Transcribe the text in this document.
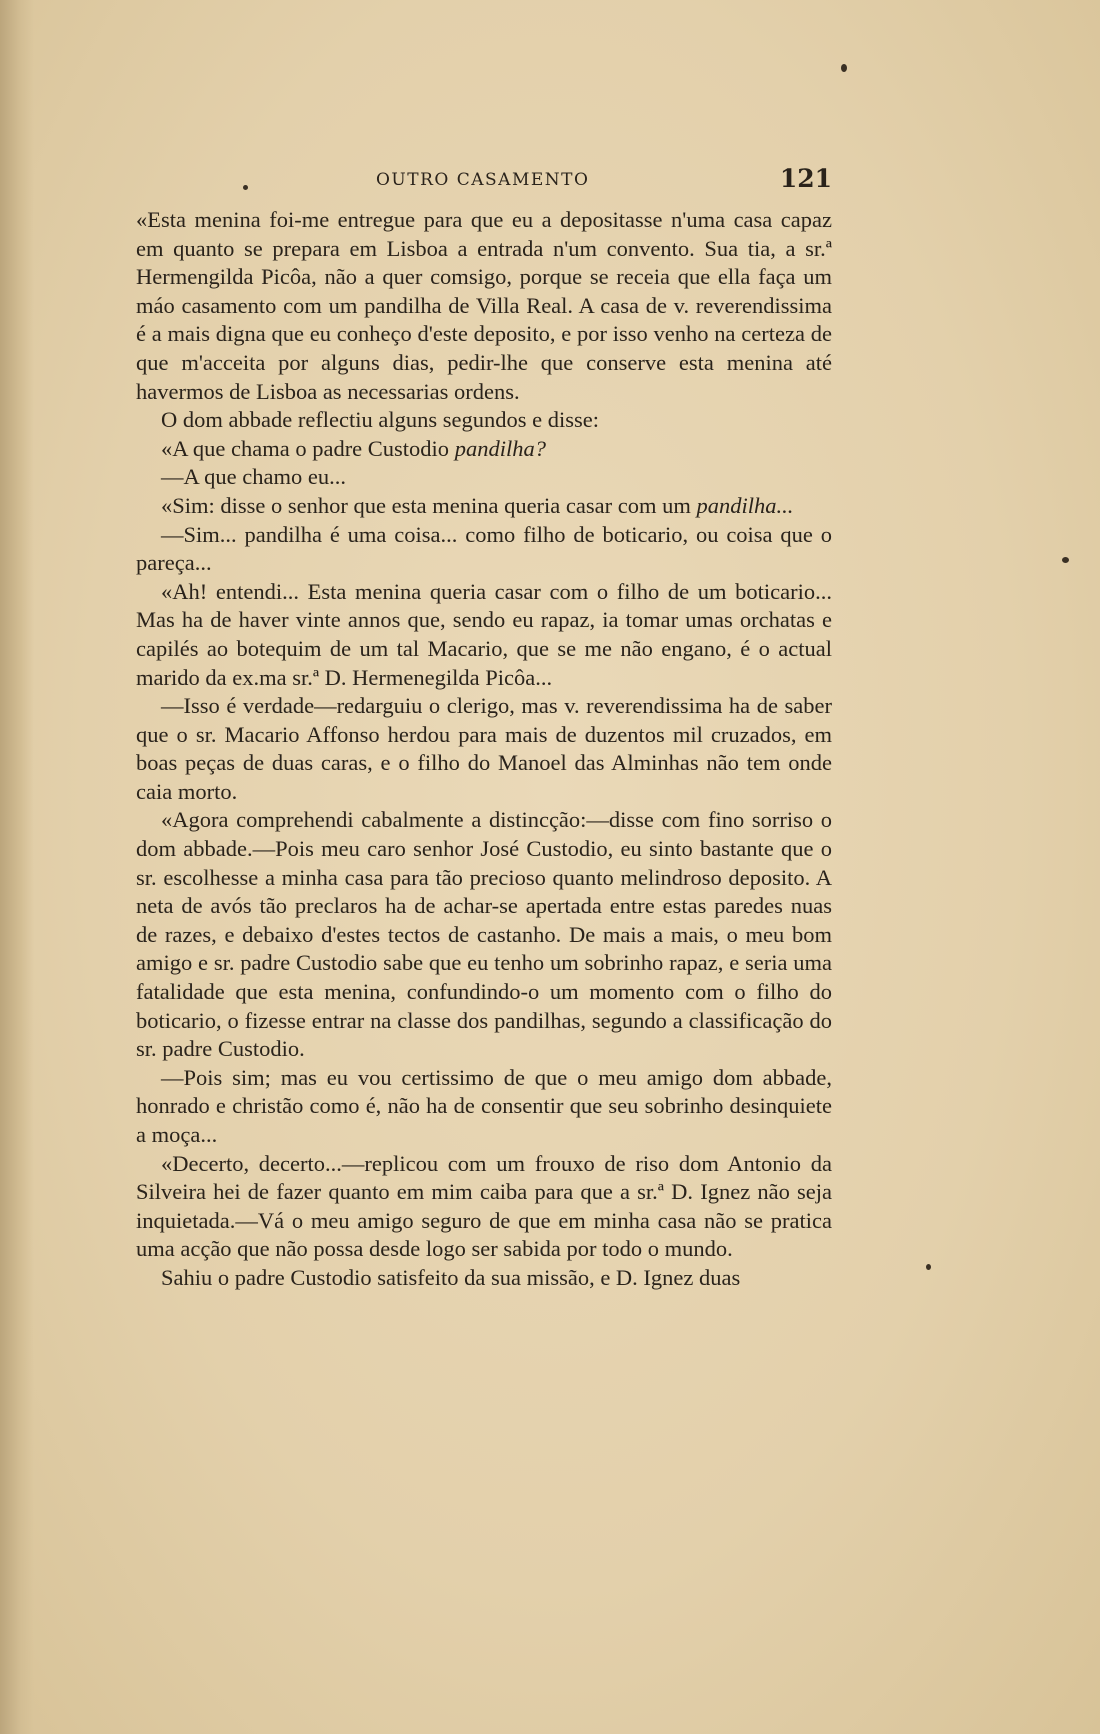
OUTRO CASAMENTO	121

«Esta menina foi-me entregue para que eu a depositasse n'uma casa capaz em quanto se prepara em Lisboa a entrada n'um convento. Sua tia, a sr.ª Hermengilda Picôa, não a quer comsigo, porque se receia que ella faça um máo casamento com um pandilha de Villa Real. A casa de v. reverendissima é a mais digna que eu conheço d'este deposito, e por isso venho na certeza de que m'acceita por alguns dias, pedir-lhe que conserve esta menina até havermos de Lisboa as necessarias ordens.

O dom abbade reflectiu alguns segundos e disse:

«A que chama o padre Custodio pandilha?

—A que chamo eu...

«Sim: disse o senhor que esta menina queria casar com um pandilha...

—Sim... pandilha é uma coisa... como filho de boticario, ou coisa que o pareça...

«Ah! entendi... Esta menina queria casar com o filho de um boticario... Mas ha de haver vinte annos que, sendo eu rapaz, ia tomar umas orchatas e capilés ao botequim de um tal Macario, que se me não engano, é o actual marido da ex.ma sr.ª D. Hermenegilda Picôa...

—Isso é verdade—redarguiu o clerigo, mas v. reverendissima ha de saber que o sr. Macario Affonso herdou para mais de duzentos mil cruzados, em boas peças de duas caras, e o filho do Manoel das Alminhas não tem onde caia morto.

«Agora comprehendi cabalmente a distincção:—disse com fino sorriso o dom abbade.—Pois meu caro senhor José Custodio, eu sinto bastante que o sr. escolhesse a minha casa para tão precioso quanto melindroso deposito. A neta de avós tão preclaros ha de achar-se apertada entre estas paredes nuas de razes, e debaixo d'estes tectos de castanho. De mais a mais, o meu bom amigo e sr. padre Custodio sabe que eu tenho um sobrinho rapaz, e seria uma fatalidade que esta menina, confundindo-o um momento com o filho do boticario, o fizesse entrar na classe dos pandilhas, segundo a classificação do sr. padre Custodio.

—Pois sim; mas eu vou certissimo de que o meu amigo dom abbade, honrado e christão como é, não ha de consentir que seu sobrinho desinquiete a moça...

«Decerto, decerto...—replicou com um frouxo de riso dom Antonio da Silveira hei de fazer quanto em mim caiba para que a sr.ª D. Ignez não seja inquietada.—Vá o meu amigo seguro de que em minha casa não se pratica uma acção que não possa desde logo ser sabida por todo o mundo.

Sahiu o padre Custodio satisfeito da sua missão, e D. Ignez duas
